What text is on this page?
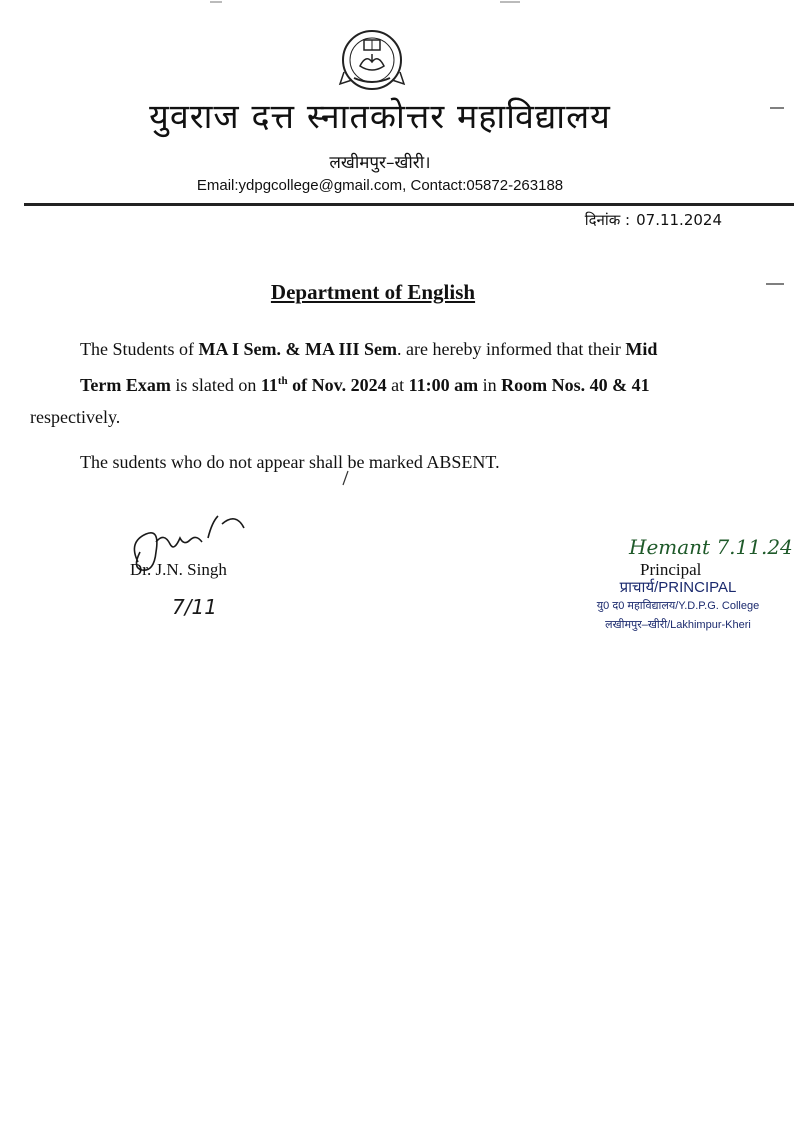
युवराज दत्त स्नातकोत्तर महाविद्यालय
लखीमपुर–खीरी।
Email:ydpgcollege@gmail.com, Contact:05872-263188
दिनांक : 07.11.2024
Department of English
The Students of MA I Sem. & MA III Sem. are hereby informed that their Mid
Term Exam is slated on 11th of Nov. 2024 at 11:00 am in Room Nos. 40 & 41
respectively.
The sudents who do not appear shall be marked ABSENT.
7/11
Dr. J.N. Singh
Hemant 7.11.24
Principal
प्राचार्य/PRINCIPAL
यु0 द0 महाविद्यालय/Y.D.P.G. College
लखीमपुर–खीरी/Lakhimpur-Kheri
